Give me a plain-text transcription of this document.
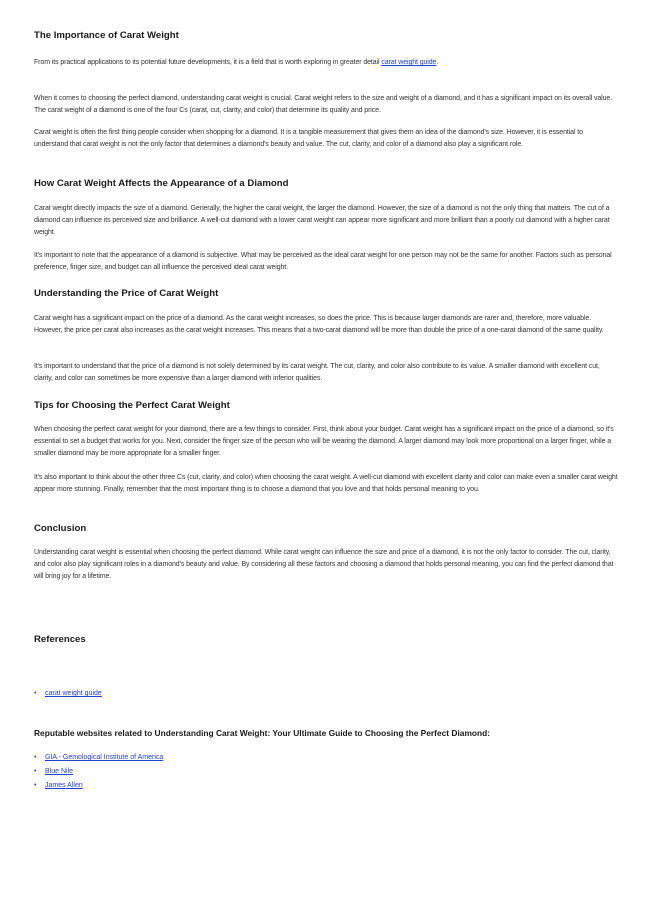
The Importance of Carat Weight

From its practical applications to its potential future developments, it is a field that is worth exploring in greater detail carat weight guide.

When it comes to choosing the perfect diamond, understanding carat weight is crucial. Carat weight refers to the size and weight of a diamond, and it has a significant impact on its overall value. The carat weight of a diamond is one of the four Cs (carat, cut, clarity, and color) that determine its quality and price.

Carat weight is often the first thing people consider when shopping for a diamond. It is a tangible measurement that gives them an idea of the diamond's size. However, it is essential to understand that carat weight is not the only factor that determines a diamond's beauty and value. The cut, clarity, and color of a diamond also play a significant role.

How Carat Weight Affects the Appearance of a Diamond

Carat weight directly impacts the size of a diamond. Generally, the higher the carat weight, the larger the diamond. However, the size of a diamond is not the only thing that matters. The cut of a diamond can influence its perceived size and brilliance. A well-cut diamond with a lower carat weight can appear more significant and more brilliant than a poorly cut diamond with a higher carat weight.

It's important to note that the appearance of a diamond is subjective. What may be perceived as the ideal carat weight for one person may not be the same for another. Factors such as personal preference, finger size, and budget can all influence the perceived ideal carat weight.

Understanding the Price of Carat Weight

Carat weight has a significant impact on the price of a diamond. As the carat weight increases, so does the price. This is because larger diamonds are rarer and, therefore, more valuable. However, the price per carat also increases as the carat weight increases. This means that a two-carat diamond will be more than double the price of a one-carat diamond of the same quality.

It's important to understand that the price of a diamond is not solely determined by its carat weight. The cut, clarity, and color also contribute to its value. A smaller diamond with excellent cut, clarity, and color can sometimes be more expensive than a larger diamond with inferior qualities.

Tips for Choosing the Perfect Carat Weight

When choosing the perfect carat weight for your diamond, there are a few things to consider. First, think about your budget. Carat weight has a significant impact on the price of a diamond, so it's essential to set a budget that works for you. Next, consider the finger size of the person who will be wearing the diamond. A larger diamond may look more proportional on a larger finger, while a smaller diamond may be more appropriate for a smaller finger.

It's also important to think about the other three Cs (cut, clarity, and color) when choosing the carat weight. A well-cut diamond with excellent clarity and color can make even a smaller carat weight appear more stunning. Finally, remember that the most important thing is to choose a diamond that you love and that holds personal meaning to you.

Conclusion

Understanding carat weight is essential when choosing the perfect diamond. While carat weight can influence the size and price of a diamond, it is not the only factor to consider. The cut, clarity, and color also play significant roles in a diamond's beauty and value. By considering all these factors and choosing a diamond that holds personal meaning, you can find the perfect diamond that will bring joy for a lifetime.

References
• carat weight guide
Reputable websites related to Understanding Carat Weight: Your Ultimate Guide to Choosing the Perfect Diamond:
• GIA - Gemological Institute of America
• Blue Nile
• James Allen
